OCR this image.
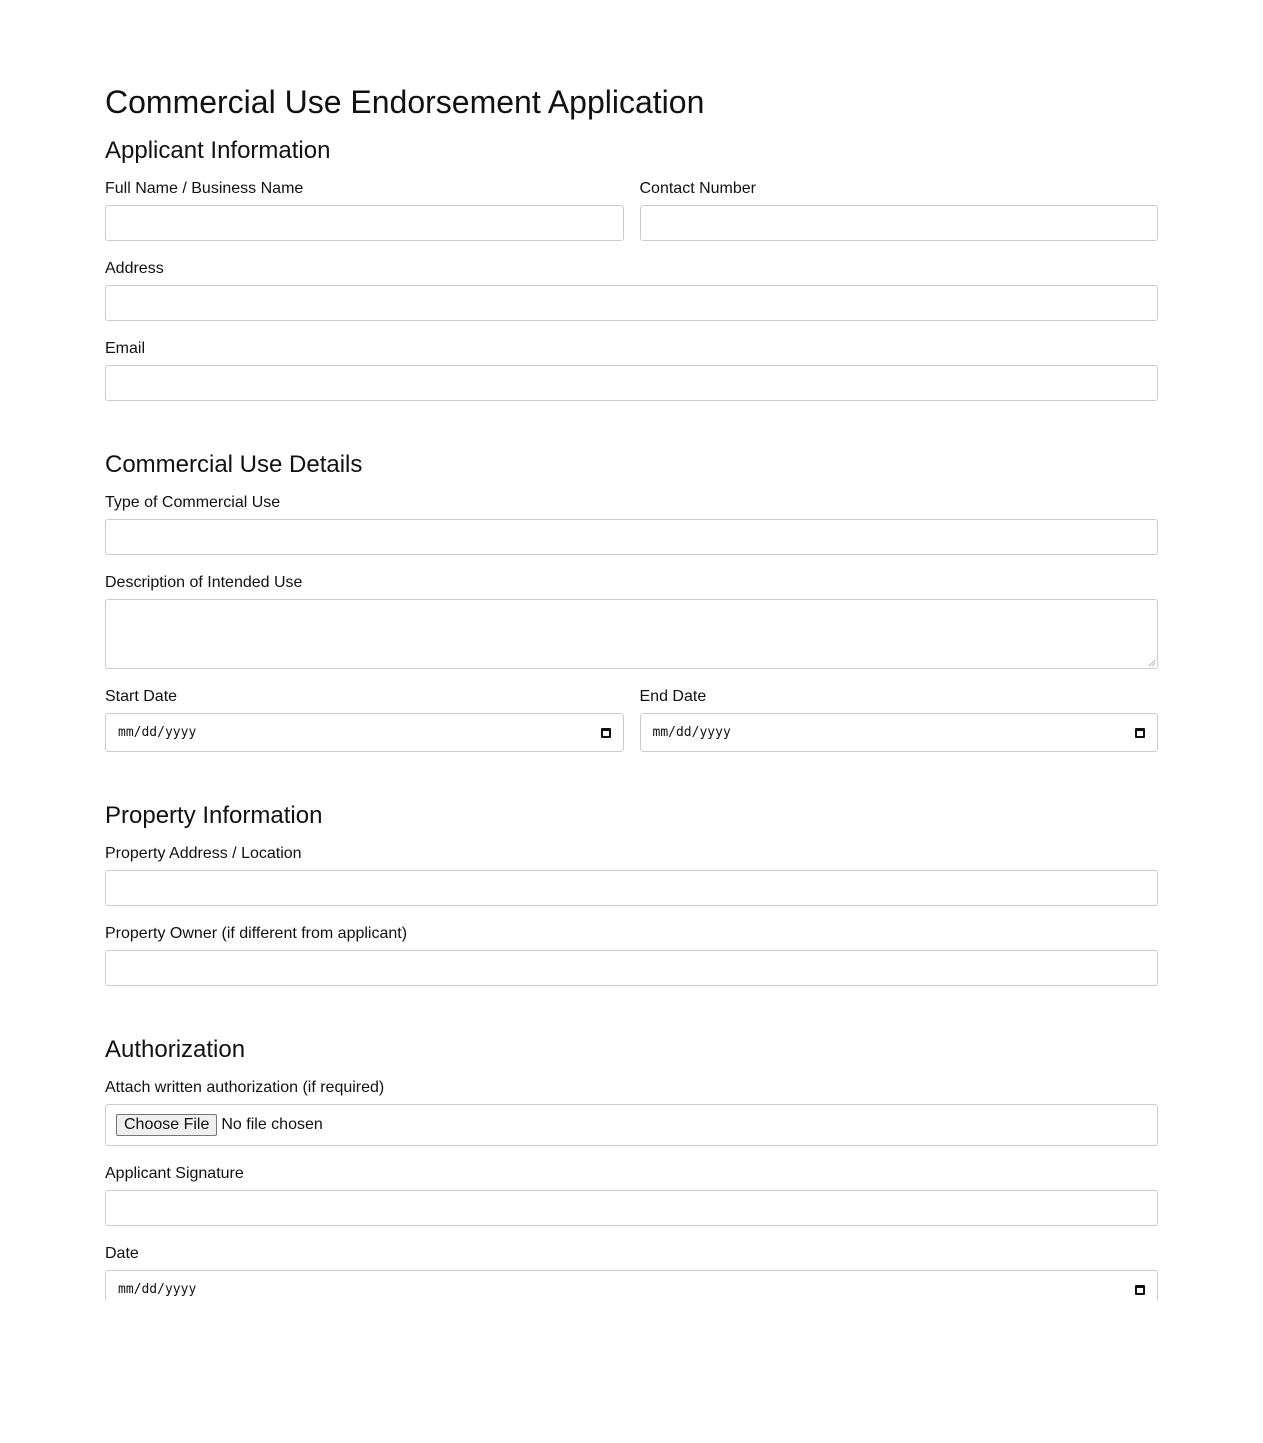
Commercial Use Endorsement Application
Applicant Information
Full Name / Business Name	Contact Number
Address
Email
Commercial Use Details
Type of Commercial Use
Description of Intended Use
Start Date
mm/dd/yyyy
End Date
mm/dd/yyyy
Property Information
Property Address / Location
Property Owner (if different from applicant)
Authorization
Attach written authorization (if required)
Choose File No file chosen
Applicant Signature
Date
mm/dd/yyyy
